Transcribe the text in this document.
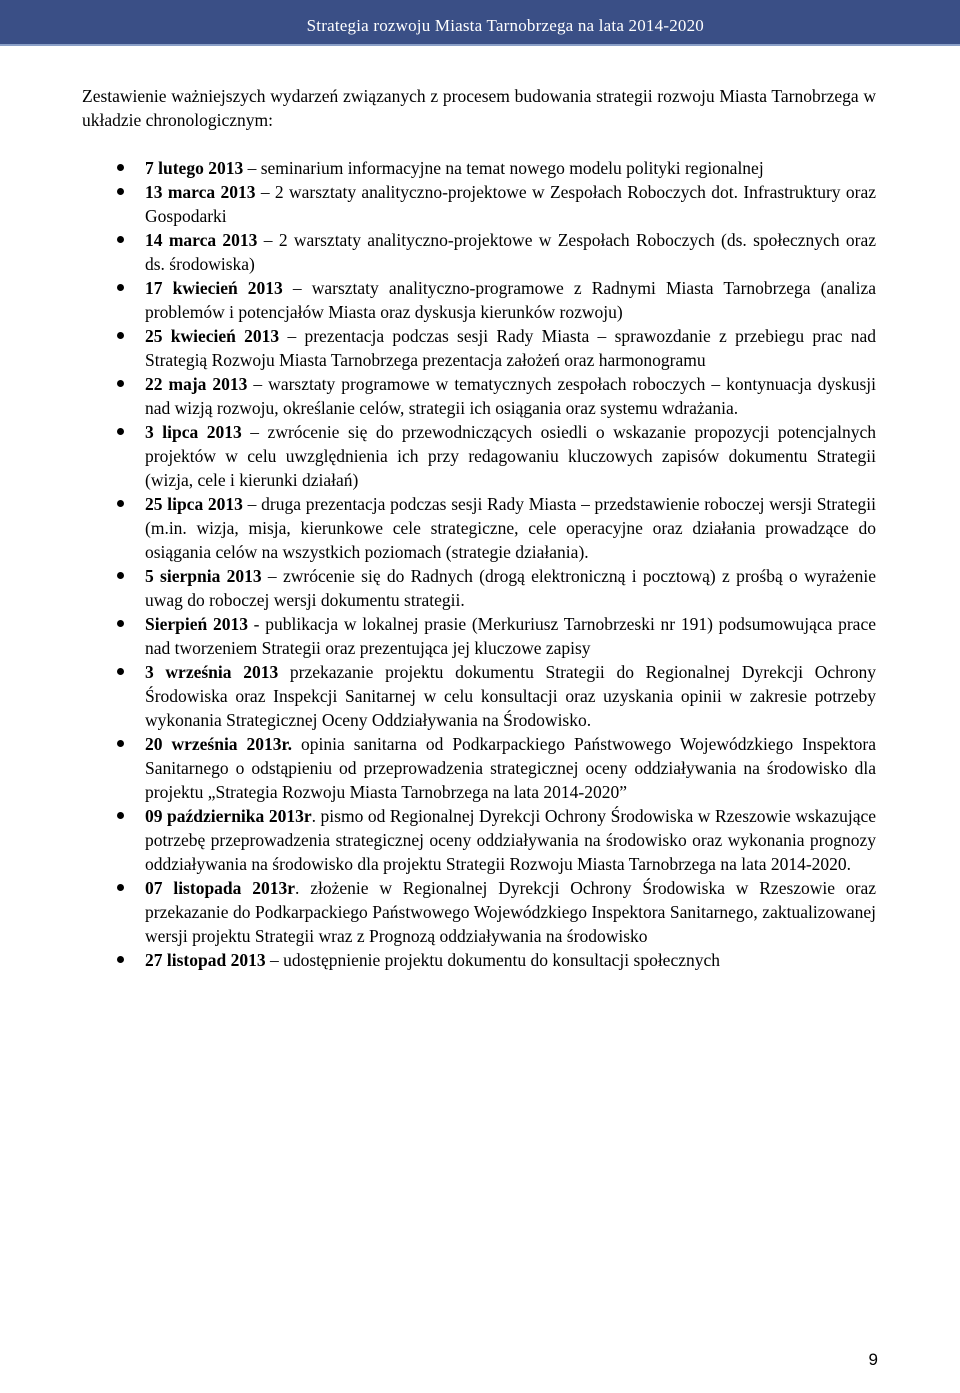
Strategia rozwoju Miasta Tarnobrzega na lata 2014-2020

Zestawienie ważniejszych wydarzeń związanych z procesem budowania strategii rozwoju Miasta Tarnobrzega w układzie chronologicznym:

7 lutego 2013 – seminarium informacyjne na temat nowego modelu polityki regionalnej
13 marca 2013 – 2 warsztaty analityczno-projektowe w Zespołach Roboczych dot. Infrastruktury oraz Gospodarki
14 marca 2013 – 2 warsztaty analityczno-projektowe w Zespołach Roboczych (ds. społecznych oraz ds. środowiska)
17 kwiecień 2013 – warsztaty analityczno-programowe z Radnymi Miasta Tarnobrzega (analiza problemów i potencjałów Miasta oraz dyskusja kierunków rozwoju)
25 kwiecień 2013 – prezentacja podczas sesji Rady Miasta – sprawozdanie z przebiegu prac nad Strategią Rozwoju Miasta Tarnobrzega prezentacja założeń oraz harmonogramu
22 maja 2013 – warsztaty programowe w tematycznych zespołach roboczych – kontynuacja dyskusji nad wizją rozwoju, określanie celów, strategii ich osiągania oraz systemu wdrażania.
3 lipca 2013 – zwrócenie się do przewodniczących osiedli o wskazanie propozycji potencjalnych projektów w celu uwzględnienia ich przy redagowaniu kluczowych zapisów dokumentu Strategii (wizja, cele i kierunki działań)
25 lipca 2013 – druga prezentacja podczas sesji Rady Miasta – przedstawienie roboczej wersji Strategii (m.in. wizja, misja, kierunkowe cele strategiczne, cele operacyjne oraz działania prowadzące do osiągania celów na wszystkich poziomach (strategie działania).
5 sierpnia 2013 – zwrócenie się do Radnych (drogą elektroniczną i pocztową) z prośbą o wyrażenie uwag do roboczej wersji dokumentu strategii.
Sierpień 2013 - publikacja w lokalnej prasie (Merkuriusz Tarnobrzeski nr 191) podsumowująca prace nad tworzeniem Strategii oraz prezentująca jej kluczowe zapisy
3 września 2013 przekazanie projektu dokumentu Strategii do Regionalnej Dyrekcji Ochrony Środowiska oraz Inspekcji Sanitarnej w celu konsultacji oraz uzyskania opinii w zakresie potrzeby wykonania Strategicznej Oceny Oddziaływania na Środowisko.
20 września 2013r. opinia sanitarna od Podkarpackiego Państwowego Wojewódzkiego Inspektora Sanitarnego o odstąpieniu od przeprowadzenia strategicznej oceny oddziaływania na środowisko dla projektu „Strategia Rozwoju Miasta Tarnobrzega na lata 2014-2020”
09 października 2013r. pismo od Regionalnej Dyrekcji Ochrony Środowiska w Rzeszowie wskazujące potrzebę przeprowadzenia strategicznej oceny oddziaływania na środowisko oraz wykonania prognozy oddziaływania na środowisko dla projektu Strategii Rozwoju Miasta Tarnobrzega na lata 2014-2020.
07 listopada 2013r. złożenie w Regionalnej Dyrekcji Ochrony Środowiska w Rzeszowie oraz przekazanie do Podkarpackiego Państwowego Wojewódzkiego Inspektora Sanitarnego, zaktualizowanej wersji projektu Strategii wraz z Prognozą oddziaływania na środowisko
27 listopad 2013 – udostępnienie projektu dokumentu do konsultacji społecznych
9
